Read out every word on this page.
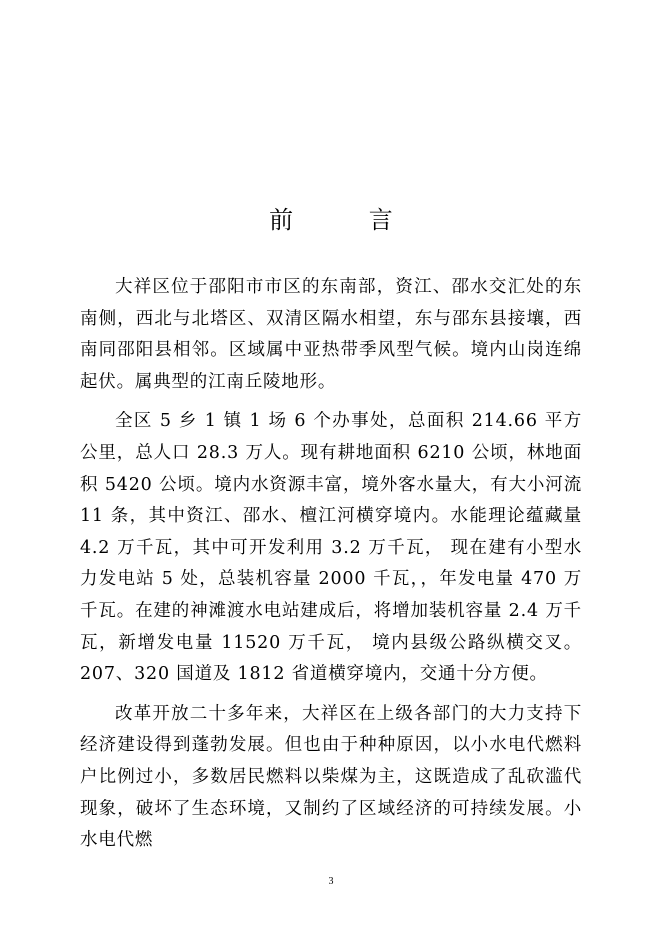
前 言

大祥区位于邵阳市市区的东南部，资江、邵水交汇处的东南侧，西北与北塔区、双清区隔水相望，东与邵东县接壤，西南同邵阳县相邻。区域属中亚热带季风型气候。境内山岗连绵起伏。属典型的江南丘陵地形。

全区 5 乡 1 镇 1 场 6 个办事处，总面积 214.66 平方公里，总人口 28.3 万人。现有耕地面积 6210 公顷，林地面积 5420 公顷。境内水资源丰富，境外客水量大，有大小河流 11 条，其中资江、邵水、檀江河横穿境内。水能理论蕴藏量 4.2 万千瓦，其中可开发利用 3.2 万千瓦， 现在建有小型水力发电站 5 处，总装机容量 2000 千瓦，，年发电量 470 万千瓦。在建的神滩渡水电站建成后，将增加装机容量 2.4 万千瓦，新增发电量 11520 万千瓦， 境内县级公路纵横交叉。207、320 国道及 1812 省道横穿境内，交通十分方便。

改革开放二十多年来，大祥区在上级各部门的大力支持下经济建设得到蓬勃发展。但也由于种种原因，以小水电代燃料户比例过小，多数居民燃料以柴煤为主，这既造成了乱砍滥代现象，破坏了生态环境，又制约了区域经济的可持续发展。小水电代燃

3
